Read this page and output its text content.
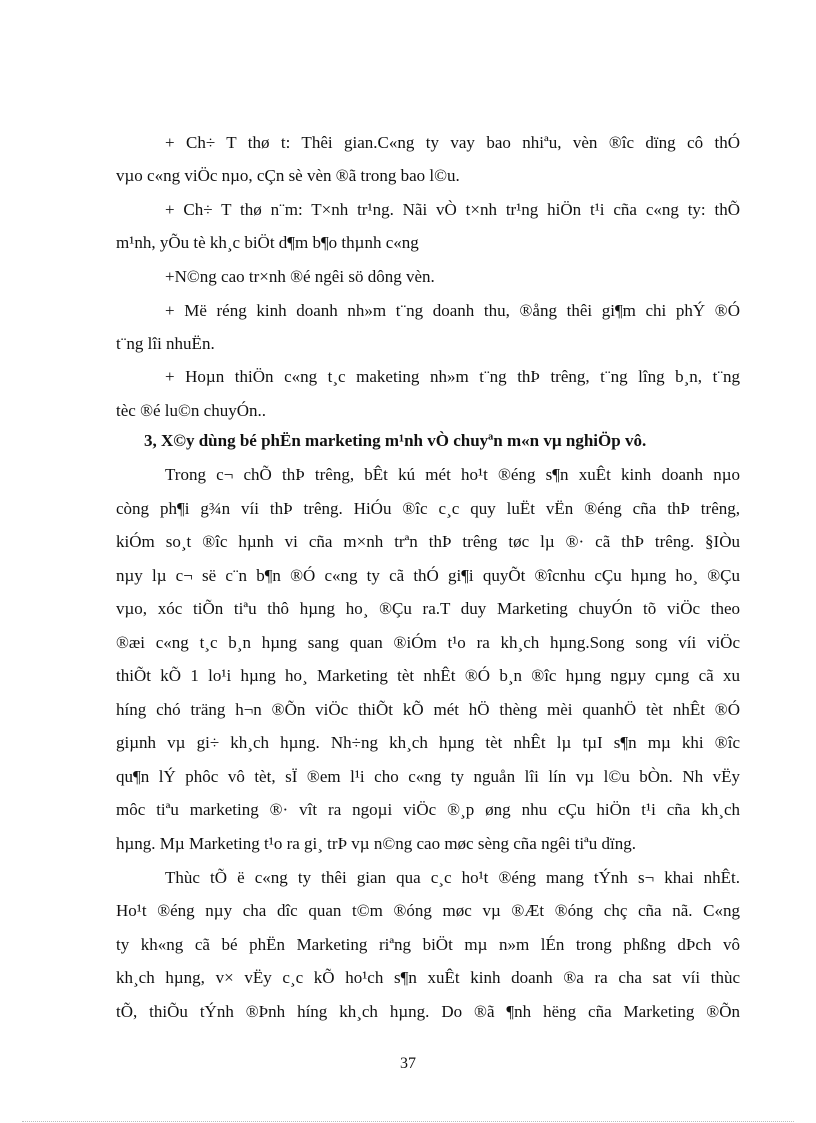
+ Ch÷ T thø t: Thêi gian.C«ng ty vay bao nhiªu, vèn ®îc dïng cô thÓ
vµo c«ng viÖc nµo, cÇn sè vèn ®ã trong bao l©u.
+ Ch÷ T thø n¨m: T×nh tr¹ng. Nãi vÒ t×nh tr¹ng hiÖn t¹i cña c«ng ty: thÕ
m¹nh, yÕu tè kh¸c biÖt d¶m b¶o thµnh c«ng
+N©ng cao tr×nh ®é ngêi sö dông vèn.
+ Më réng kinh doanh nh»m t¨ng doanh thu, ®ång thêi gi¶m chi phÝ ®Ó
t¨ng lîi nhuËn.
+ Hoµn thiÖn c«ng t¸c maketing nh»m t¨ng thÞ trêng, t¨ng lîng b¸n, t¨ng
tèc ®é lu©n chuyÓn..
3, X©y dùng bé phËn marketing m¹nh vÒ chuyªn m«n vµ nghiÖp vô.
Trong c¬ chÕ thÞ trêng, bÊt kú mét ho¹t ®éng s¶n xuÊt kinh doanh nµo
còng ph¶i g¾n víi thÞ trêng. HiÓu ®îc c¸c quy luËt vËn ®éng cña thÞ trêng,
kiÓm so¸t ®îc hµnh vi cña m×nh trªn thÞ trêng tøc lµ ®· cã thÞ trêng. §IÒu
nµy lµ c¬ së c¨n b¶n ®Ó c«ng ty cã thÓ gi¶i quyÕt ®îcnhu cÇu hµng ho¸ ®Çu
vµo, xóc tiÕn tiªu thô hµng ho¸ ®Çu ra.T duy Marketing chuyÓn tõ viÖc theo
®æi c«ng t¸c b¸n hµng sang quan ®iÓm t¹o ra kh¸ch hµng.Song song víi viÖc
thiÕt kÕ 1 lo¹i hµng ho¸ Marketing tèt nhÊt ®Ó b¸n ®îc hµng ngµy cµng cã xu
híng chó träng h¬n ®Õn viÖc thiÕt kÕ mét hÖ thèng mèi quanhÖ tèt nhÊt ®Ó
giµnh vµ gi÷ kh¸ch hµng. Nh÷ng kh¸ch hµng tèt nhÊt lµ tµI s¶n mµ khi ®îc
qu¶n lÝ phôc vô tèt, sÏ ®em l¹i cho c«ng ty nguån lîi lín vµ l©u bÒn. Nh vËy
môc tiªu marketing ®· vît ra ngoµi viÖc ®¸p øng nhu cÇu hiÖn t¹i cña kh¸ch
hµng. Mµ Marketing t¹o ra gi¸ trÞ vµ n©ng cao møc sèng cña ngêi tiªu dïng.
Thùc tÕ ë c«ng ty thêi gian qua c¸c ho¹t ®éng mang tÝnh s¬ khai nhÊt.
Ho¹t ®éng nµy cha dîc quan t©m ®óng møc vµ ®Æt ®óng chç cña nã. C«ng
ty kh«ng cã bé phËn Marketing riªng biÖt mµ n»m lÉn trong phßng dÞch vô
kh¸ch hµng, v× vËy c¸c kÕ ho¹ch s¶n xuÊt kinh doanh ®a ra cha sat víi thùc
tÕ, thiÕu tÝnh ®Þnh híng kh¸ch hµng. Do ®ã ¶nh hëng cña Marketing ®Õn
37
